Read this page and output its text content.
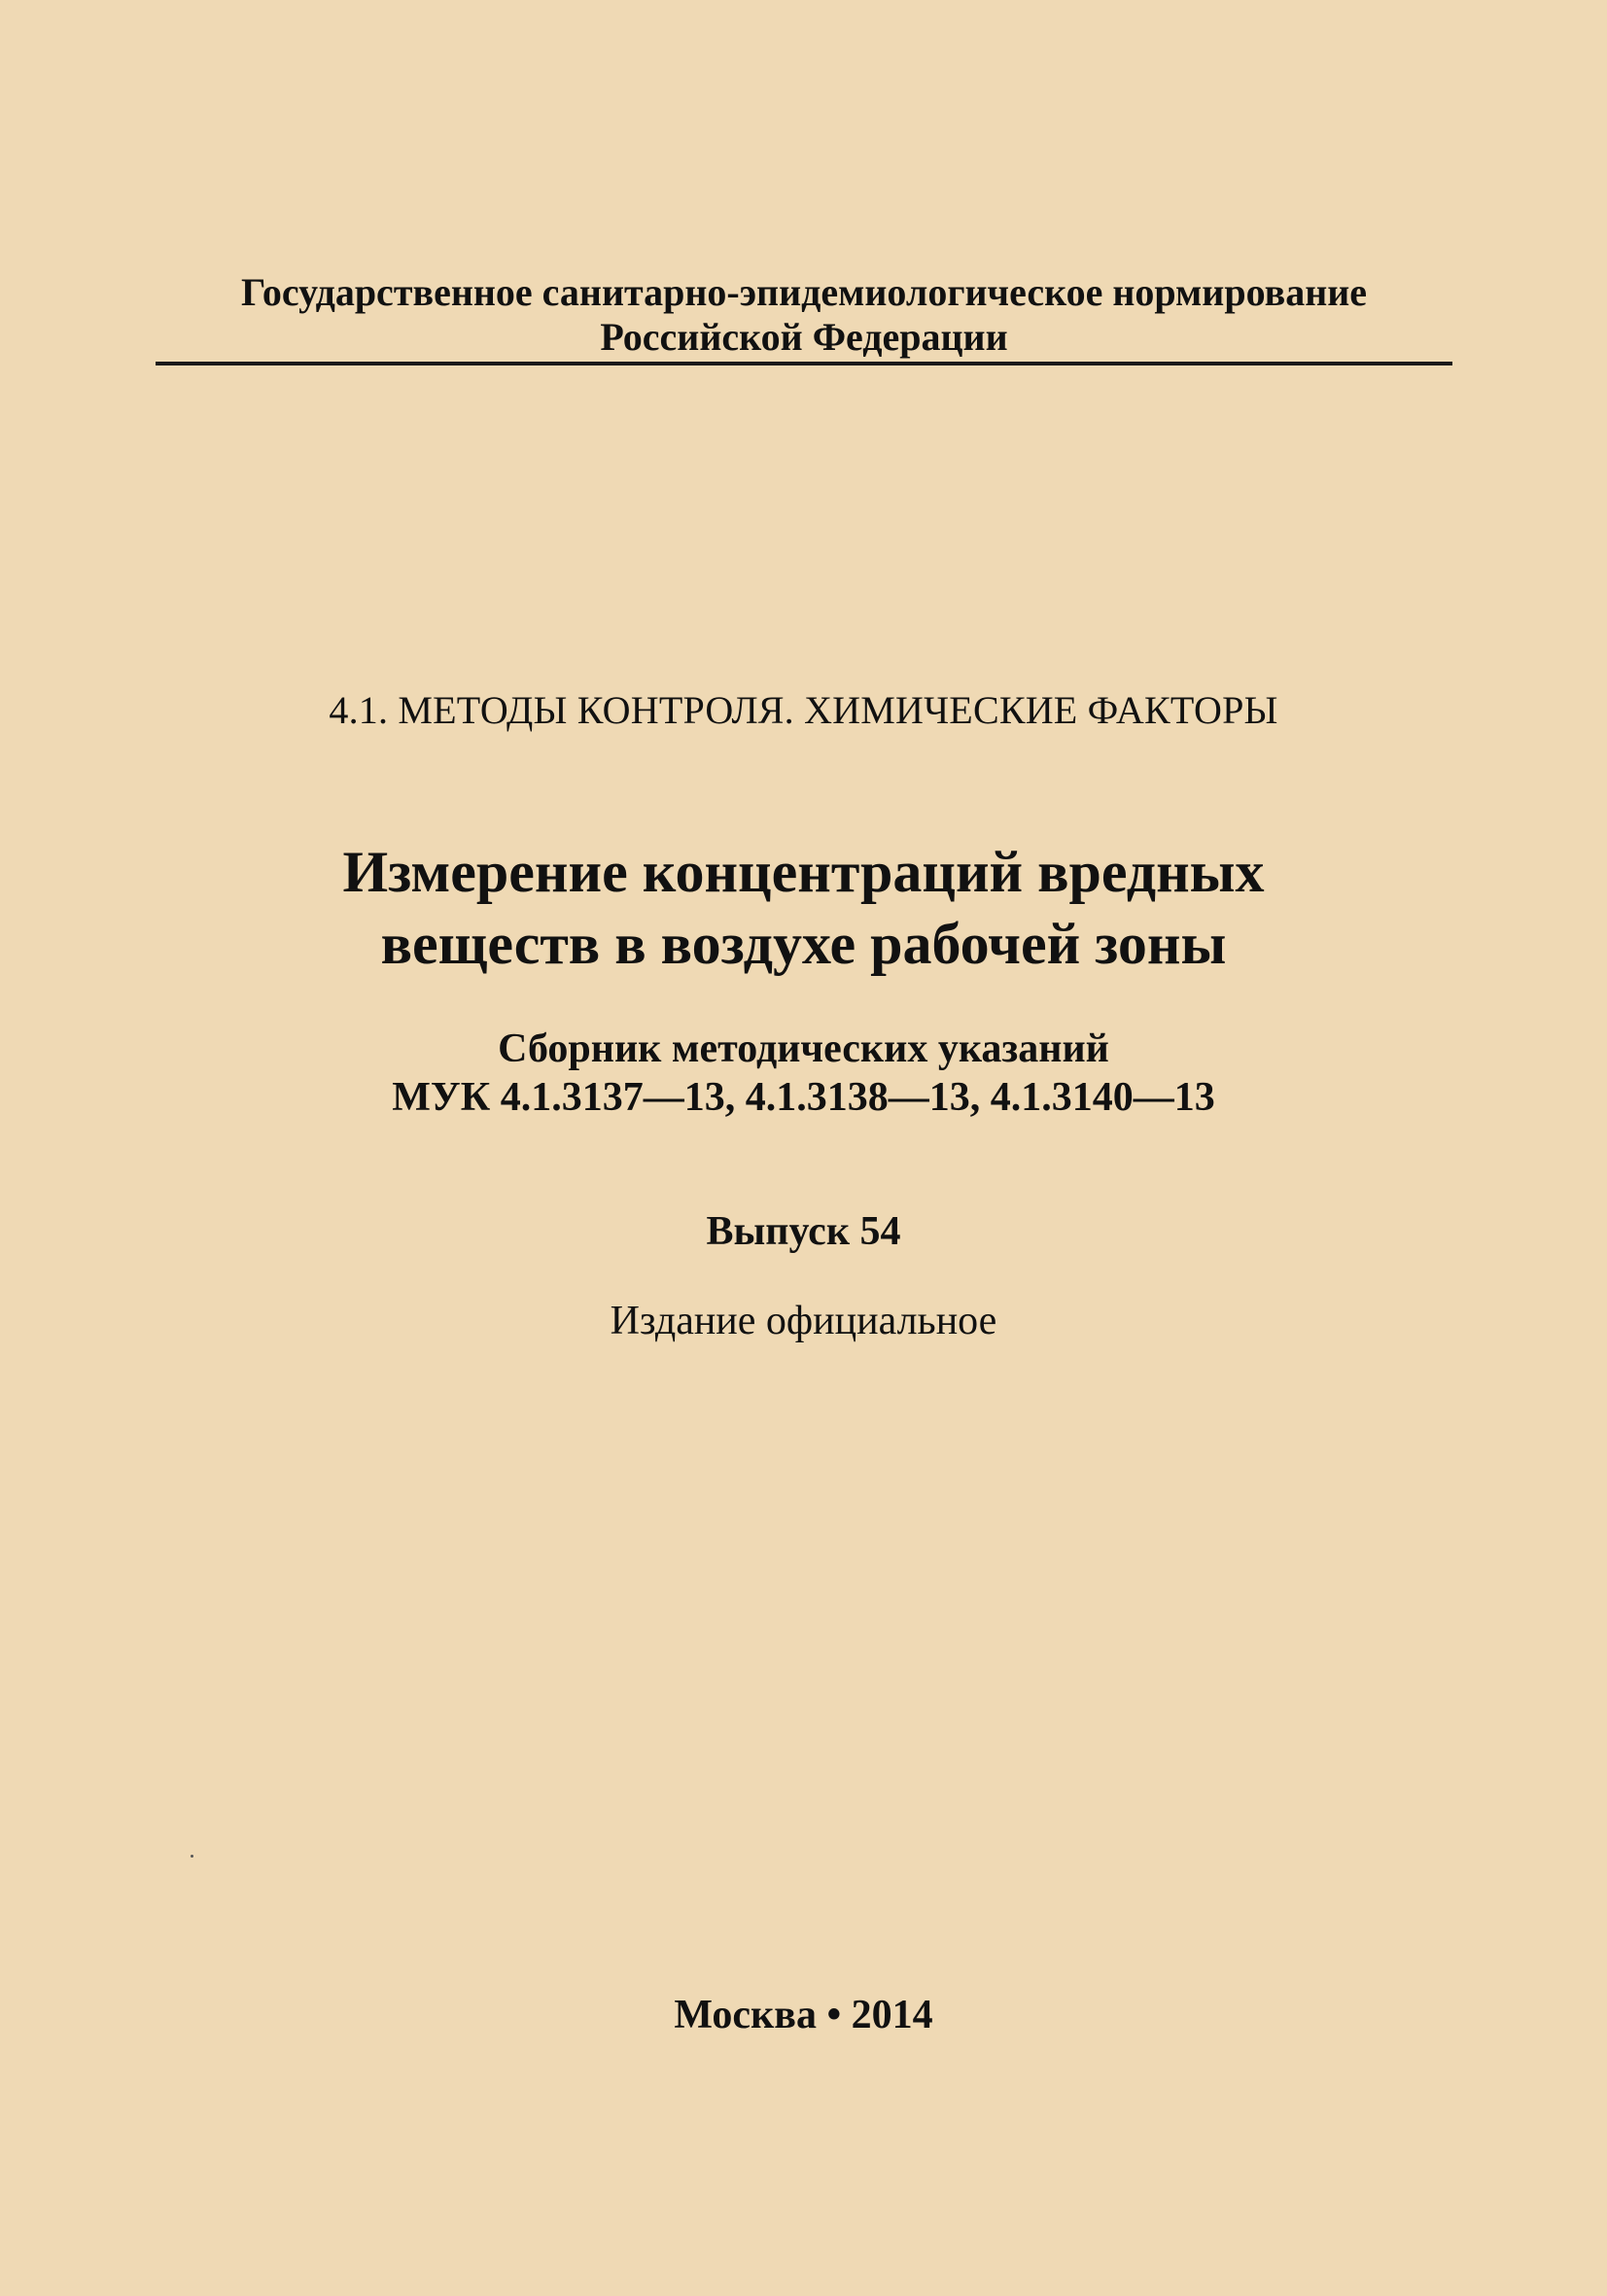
Государственное санитарно-эпидемиологическое нормирование
Российской Федерации
4.1. МЕТОДЫ КОНТРОЛЯ. ХИМИЧЕСКИЕ ФАКТОРЫ
Измерение концентраций вредных
веществ в воздухе рабочей зоны
Сборник методических указаний
МУК 4.1.3137—13, 4.1.3138—13, 4.1.3140—13
Выпуск 54
Издание официальное
Москва • 2014
